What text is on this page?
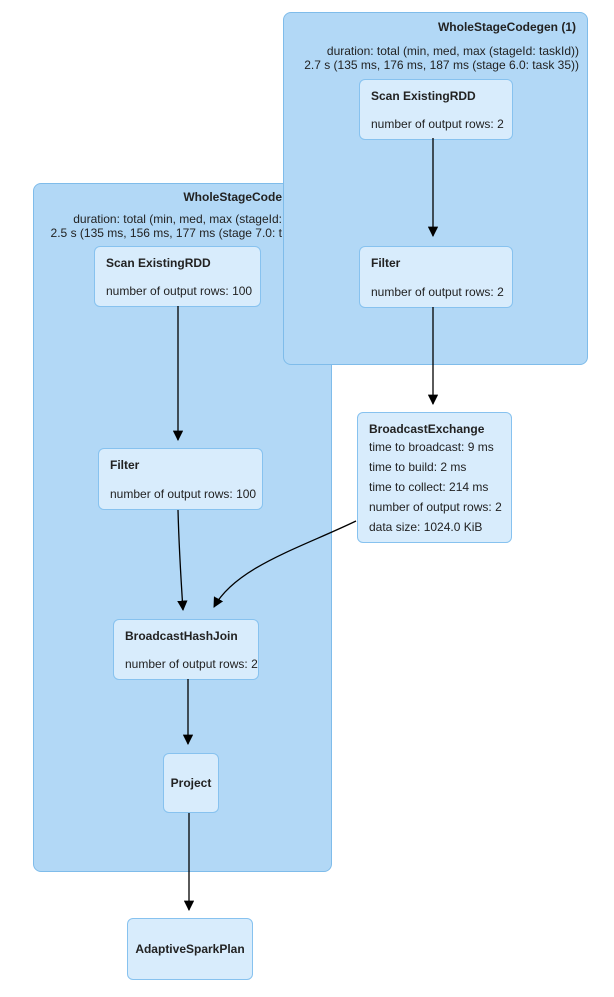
WholeStageCode
duration: total (min, med, max (stageId:
2.5 s (135 ms, 156 ms, 177 ms (stage 7.0: t
Scan ExistingRDD
number of output rows: 100
Filter
number of output rows: 100
BroadcastHashJoin
number of output rows: 2
Project
WholeStageCodegen (1)
duration: total (min, med, max (stageId: taskId))
2.7 s (135 ms, 176 ms, 187 ms (stage 6.0: task 35))
Scan ExistingRDD
number of output rows: 2
Filter
number of output rows: 2
BroadcastExchange
time to broadcast: 9 ms
time to build: 2 ms
time to collect: 214 ms
number of output rows: 2
data size: 1024.0 KiB
AdaptiveSparkPlan
